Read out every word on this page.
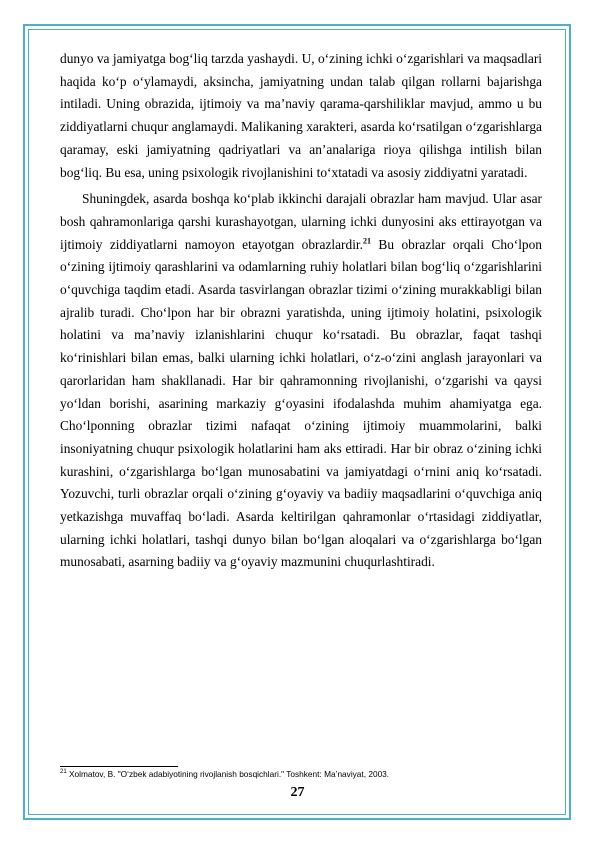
dunyo va jamiyatga bog‘liq tarzda yashaydi. U, o‘zining ichki o‘zgarishlari va maqsadlari haqida ko‘p o‘ylamaydi, aksincha, jamiyatning undan talab qilgan rollarni bajarishga intiladi. Uning obrazida, ijtimoiy va ma’naviy qarama-qarshiliklar mavjud, ammo u bu ziddiyatlarni chuqur anglamaydi. Malikaning xarakteri, asarda ko‘rsatilgan o‘zgarishlarga qaramay, eski jamiyatning qadriyatlari va an’analariga rioya qilishga intilish bilan bog‘liq. Bu esa, uning psixologik rivojlanishini to‘xtatadi va asosiy ziddiyatni yaratadi.

Shuningdek, asarda boshqa ko‘plab ikkinchi darajali obrazlar ham mavjud. Ular asar bosh qahramonlariga qarshi kurashayotgan, ularning ichki dunyosini aks ettirayotgan va ijtimoiy ziddiyatlarni namoyon etayotgan obrazlardir.$^{21}$ Bu obrazlar orqali Cho‘lpon o‘zining ijtimoiy qarashlarini va odamlarning ruhiy holatlari bilan bog‘liq o‘zgarishlarini o‘quvchiga taqdim etadi. Asarda tasvirlangan obrazlar tizimi o‘zining murakkabligi bilan ajralib turadi. Cho‘lpon har bir obrazni yaratishda, uning ijtimoiy holatini, psixologik holatini va ma’naviy izlanishlarini chuqur ko‘rsatadi. Bu obrazlar, faqat tashqi ko‘rinishlari bilan emas, balki ularning ichki holatlari, o‘z-o‘zini anglash jarayonlari va qarorlaridan ham shakllanadi. Har bir qahramonning rivojlanishi, o‘zgarishi va qaysi yo‘ldan borishi, asarining markaziy g‘oyasini ifodalashda muhim ahamiyatga ega. Cho‘lponning obrazlar tizimi nafaqat o‘zining ijtimoiy muammolarini, balki insoniyatning chuqur psixologik holatlarini ham aks ettiradi. Har bir obraz o‘zining ichki kurashini, o‘zgarishlarga bo‘lgan munosabatini va jamiyatdagi o‘rnini aniq ko‘rsatadi. Yozuvchi, turli obrazlar orqali o‘zining g‘oyaviy va badiiy maqsadlarini o‘quvchiga aniq yetkazishga muvaffaq bo‘ladi. Asarda keltirilgan qahramonlar o‘rtasidagi ziddiyatlar, ularning ichki holatlari, tashqi dunyo bilan bo‘lgan aloqalari va o‘zgarishlarga bo‘lgan munosabati, asarning badiiy va g‘oyaviy mazmunini chuqurlashtiradi.

$^{21}$ Xolmatov, B. "O‘zbek adabiyotining rivojlanish bosqichlari." Toshkent: Ma’naviyat, 2003.
27
